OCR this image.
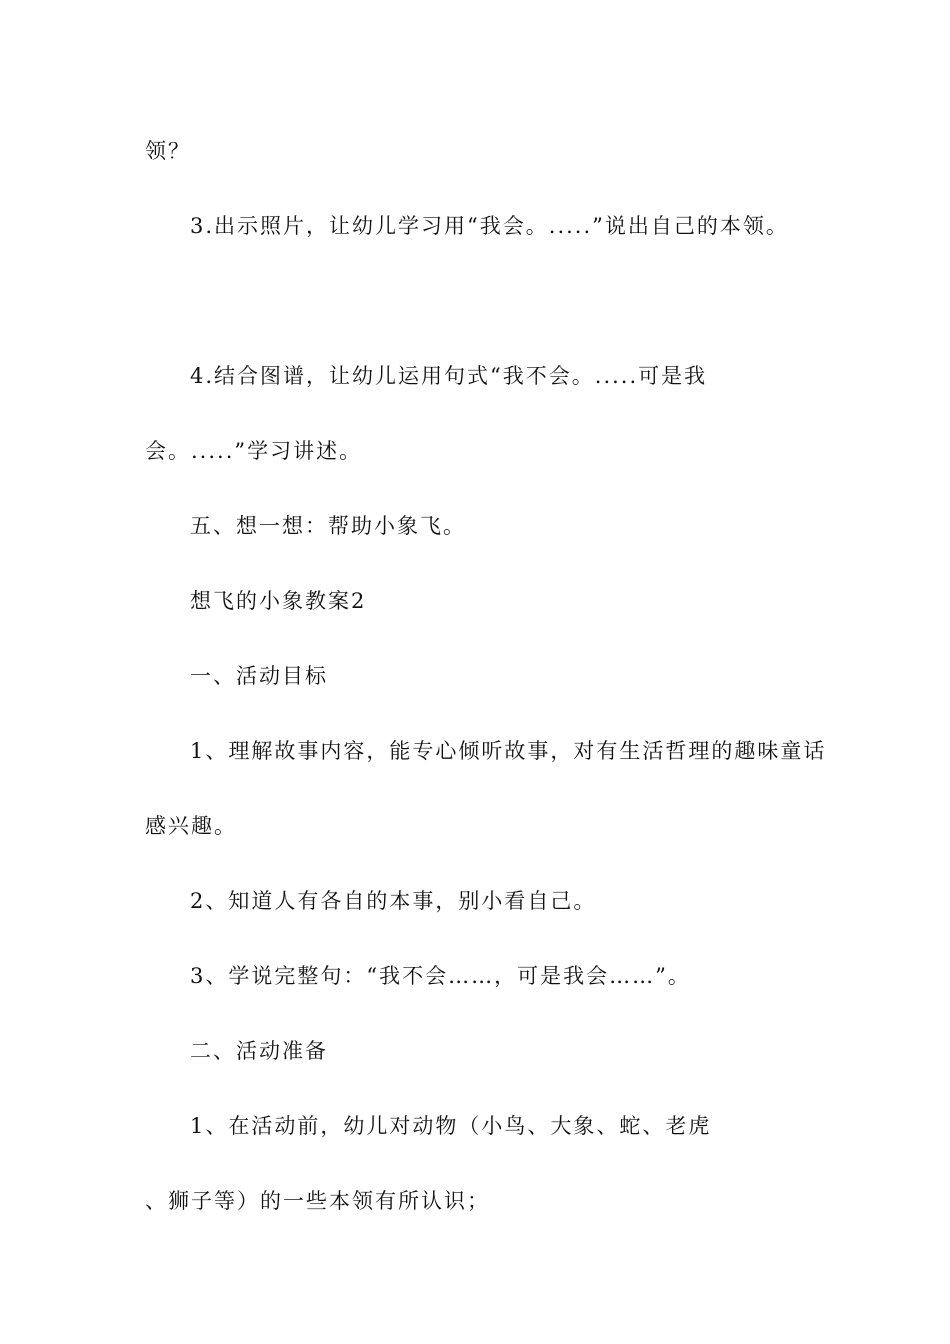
领？
3.出示照片，让幼儿学习用“我会。.....”说出自己的本领。
4.结合图谱，让幼儿运用句式“我不会。.....可是我
会。.....”学习讲述。
五、想一想：帮助小象飞。
想飞的小象教案2
一、活动目标
1、理解故事内容，能专心倾听故事，对有生活哲理的趣味童话
感兴趣。
2、知道人有各自的本事，别小看自己。
3、学说完整句：“我不会……，可是我会……”。
二、活动准备
1、在活动前，幼儿对动物（小鸟、大象、蛇、老虎
、狮子等）的一些本领有所认识；
